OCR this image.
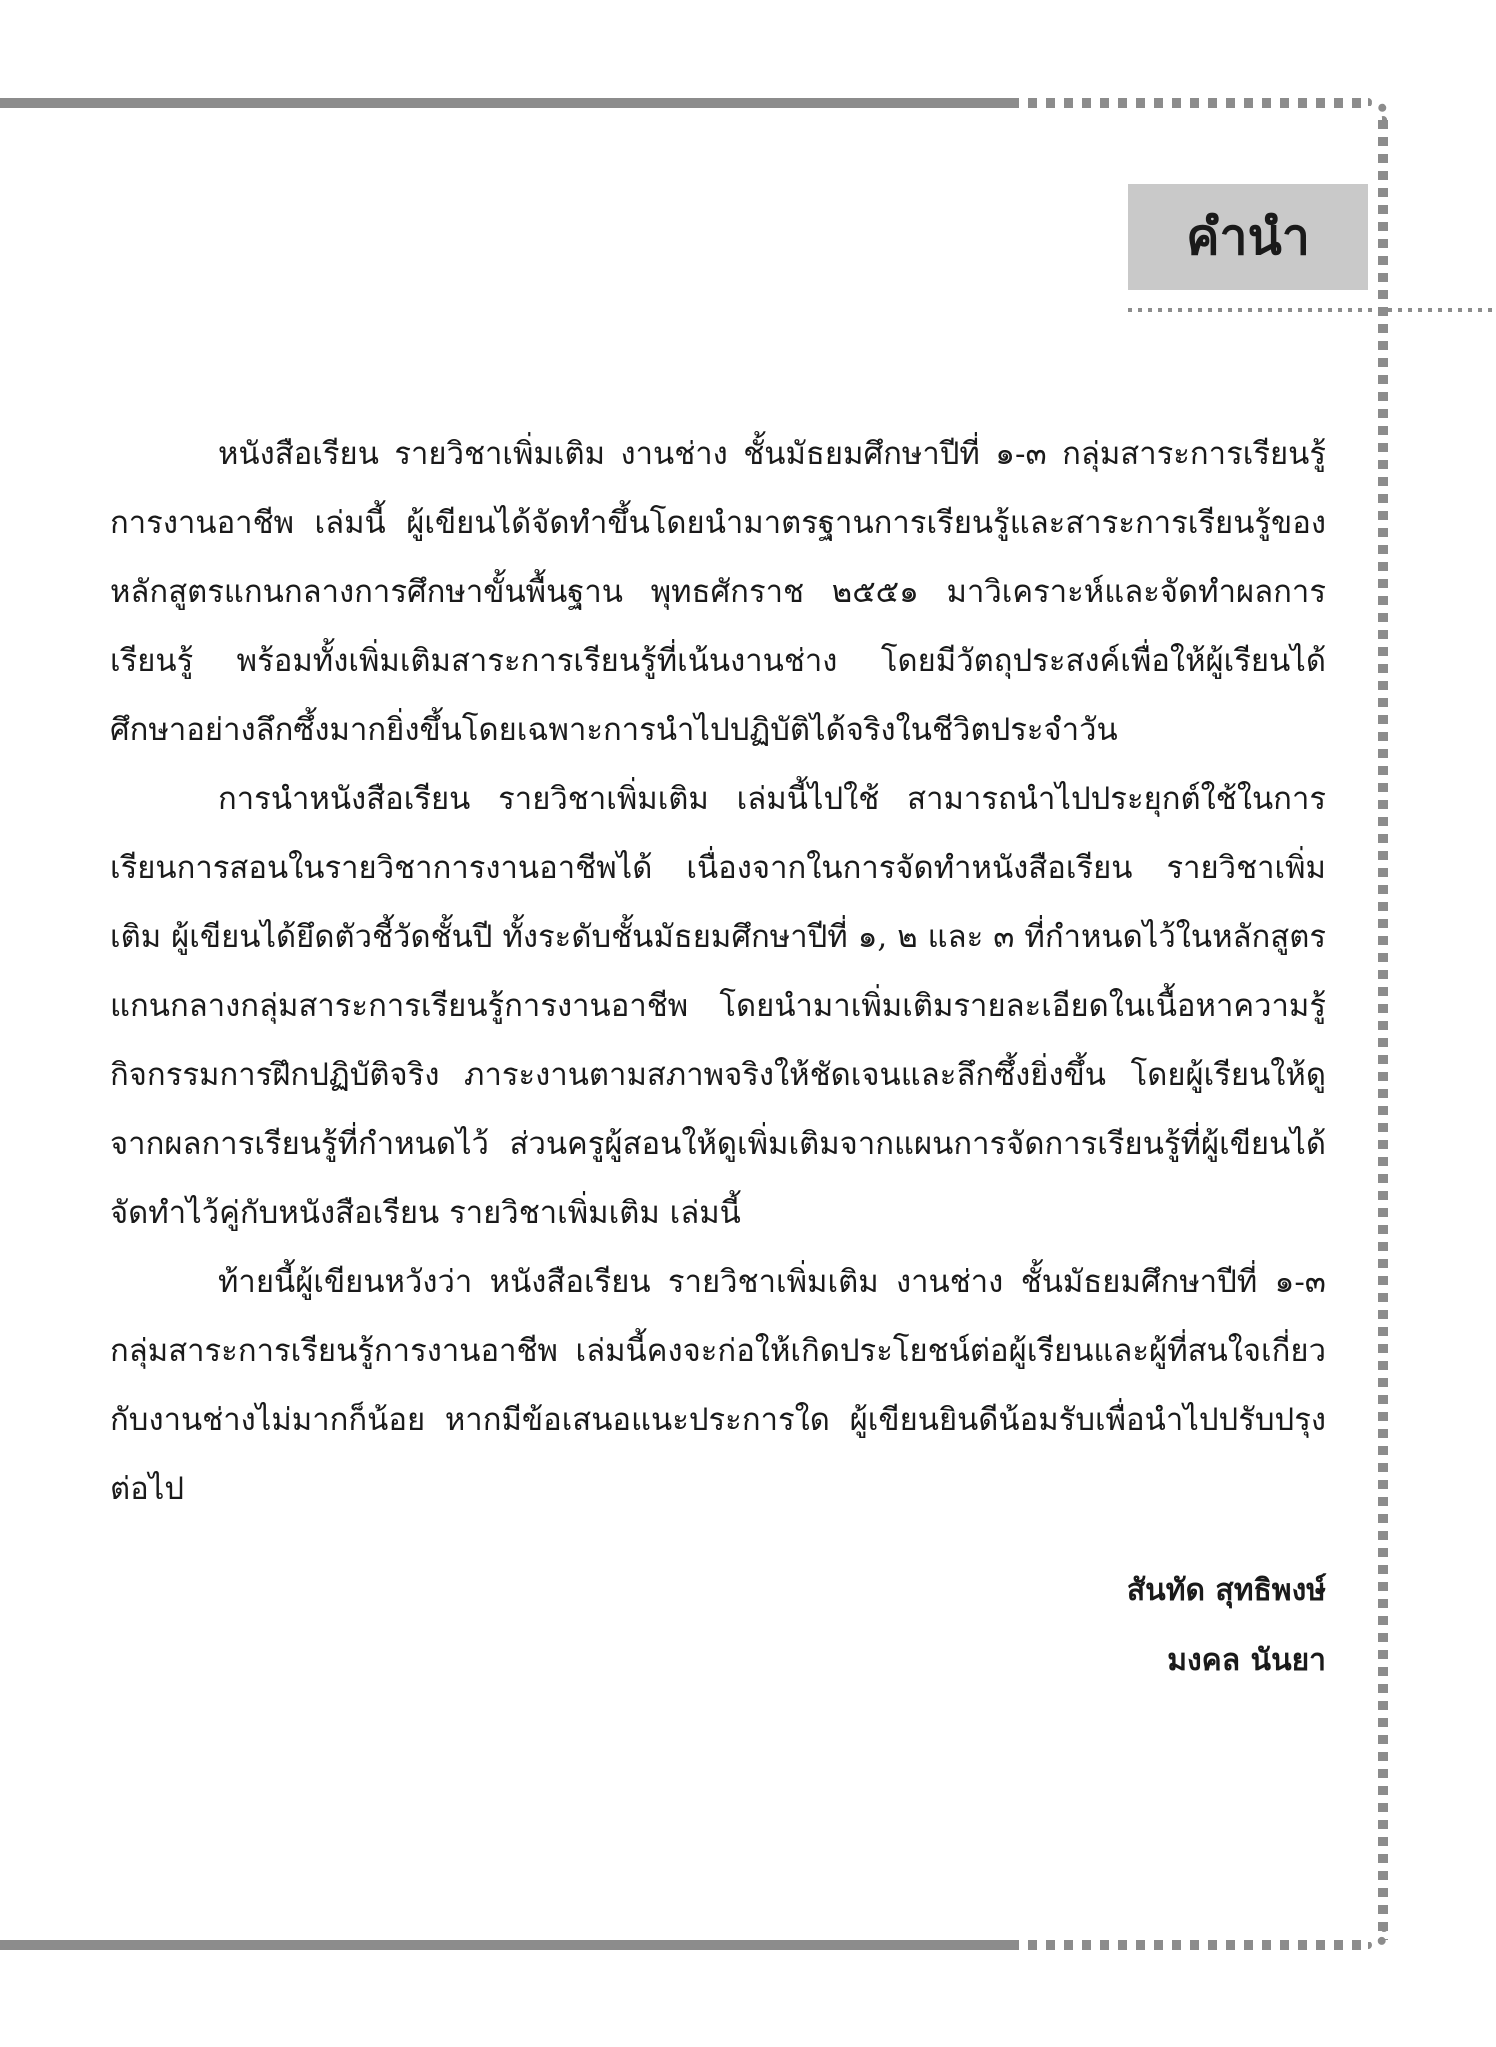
คำนำ

หนังสือเรียน รายวิชาเพิ่มเติม งานช่าง ชั้นมัธยมศึกษาปีที่ ๑-๓ กลุ่มสาระการเรียนรู้การงานอาชีพ เล่มนี้ ผู้เขียนได้จัดทำขึ้นโดยนำมาตรฐานการเรียนรู้และสาระการเรียนรู้ของหลักสูตรแกนกลางการศึกษาขั้นพื้นฐาน พุทธศักราช ๒๕๕๑ มาวิเคราะห์และจัดทำผลการเรียนรู้ พร้อมทั้งเพิ่มเติมสาระการเรียนรู้ที่เน้นงานช่าง โดยมีวัตถุประสงค์เพื่อให้ผู้เรียนได้ศึกษาอย่างลึกซึ้งมากยิ่งขึ้นโดยเฉพาะการนำไปปฏิบัติได้จริงในชีวิตประจำวัน

การนำหนังสือเรียน รายวิชาเพิ่มเติม เล่มนี้ไปใช้ สามารถนำไปประยุกต์ใช้ในการเรียนการสอนในรายวิชาการงานอาชีพได้ เนื่องจากในการจัดทำหนังสือเรียน รายวิชาเพิ่มเติม ผู้เขียนได้ยึดตัวชี้วัดชั้นปี ทั้งระดับชั้นมัธยมศึกษาปีที่ ๑, ๒ และ ๓ ที่กำหนดไว้ในหลักสูตรแกนกลางกลุ่มสาระการเรียนรู้การงานอาชีพ โดยนำมาเพิ่มเติมรายละเอียดในเนื้อหาความรู้ กิจกรรมการฝึกปฏิบัติจริง ภาระงานตามสภาพจริงให้ชัดเจนและลึกซึ้งยิ่งขึ้น โดยผู้เรียนให้ดูจากผลการเรียนรู้ที่กำหนดไว้ ส่วนครูผู้สอนให้ดูเพิ่มเติมจากแผนการจัดการเรียนรู้ที่ผู้เขียนได้จัดทำไว้คู่กับหนังสือเรียน รายวิชาเพิ่มเติม เล่มนี้

ท้ายนี้ผู้เขียนหวังว่า หนังสือเรียน รายวิชาเพิ่มเติม งานช่าง ชั้นมัธยมศึกษาปีที่ ๑-๓ กลุ่มสาระการเรียนรู้การงานอาชีพ เล่มนี้คงจะก่อให้เกิดประโยชน์ต่อผู้เรียนและผู้ที่สนใจเกี่ยวกับงานช่างไม่มากก็น้อย หากมีข้อเสนอแนะประการใด ผู้เขียนยินดีน้อมรับเพื่อนำไปปรับปรุงต่อไป

สันทัด สุทธิพงษ์
มงคล นันยา
